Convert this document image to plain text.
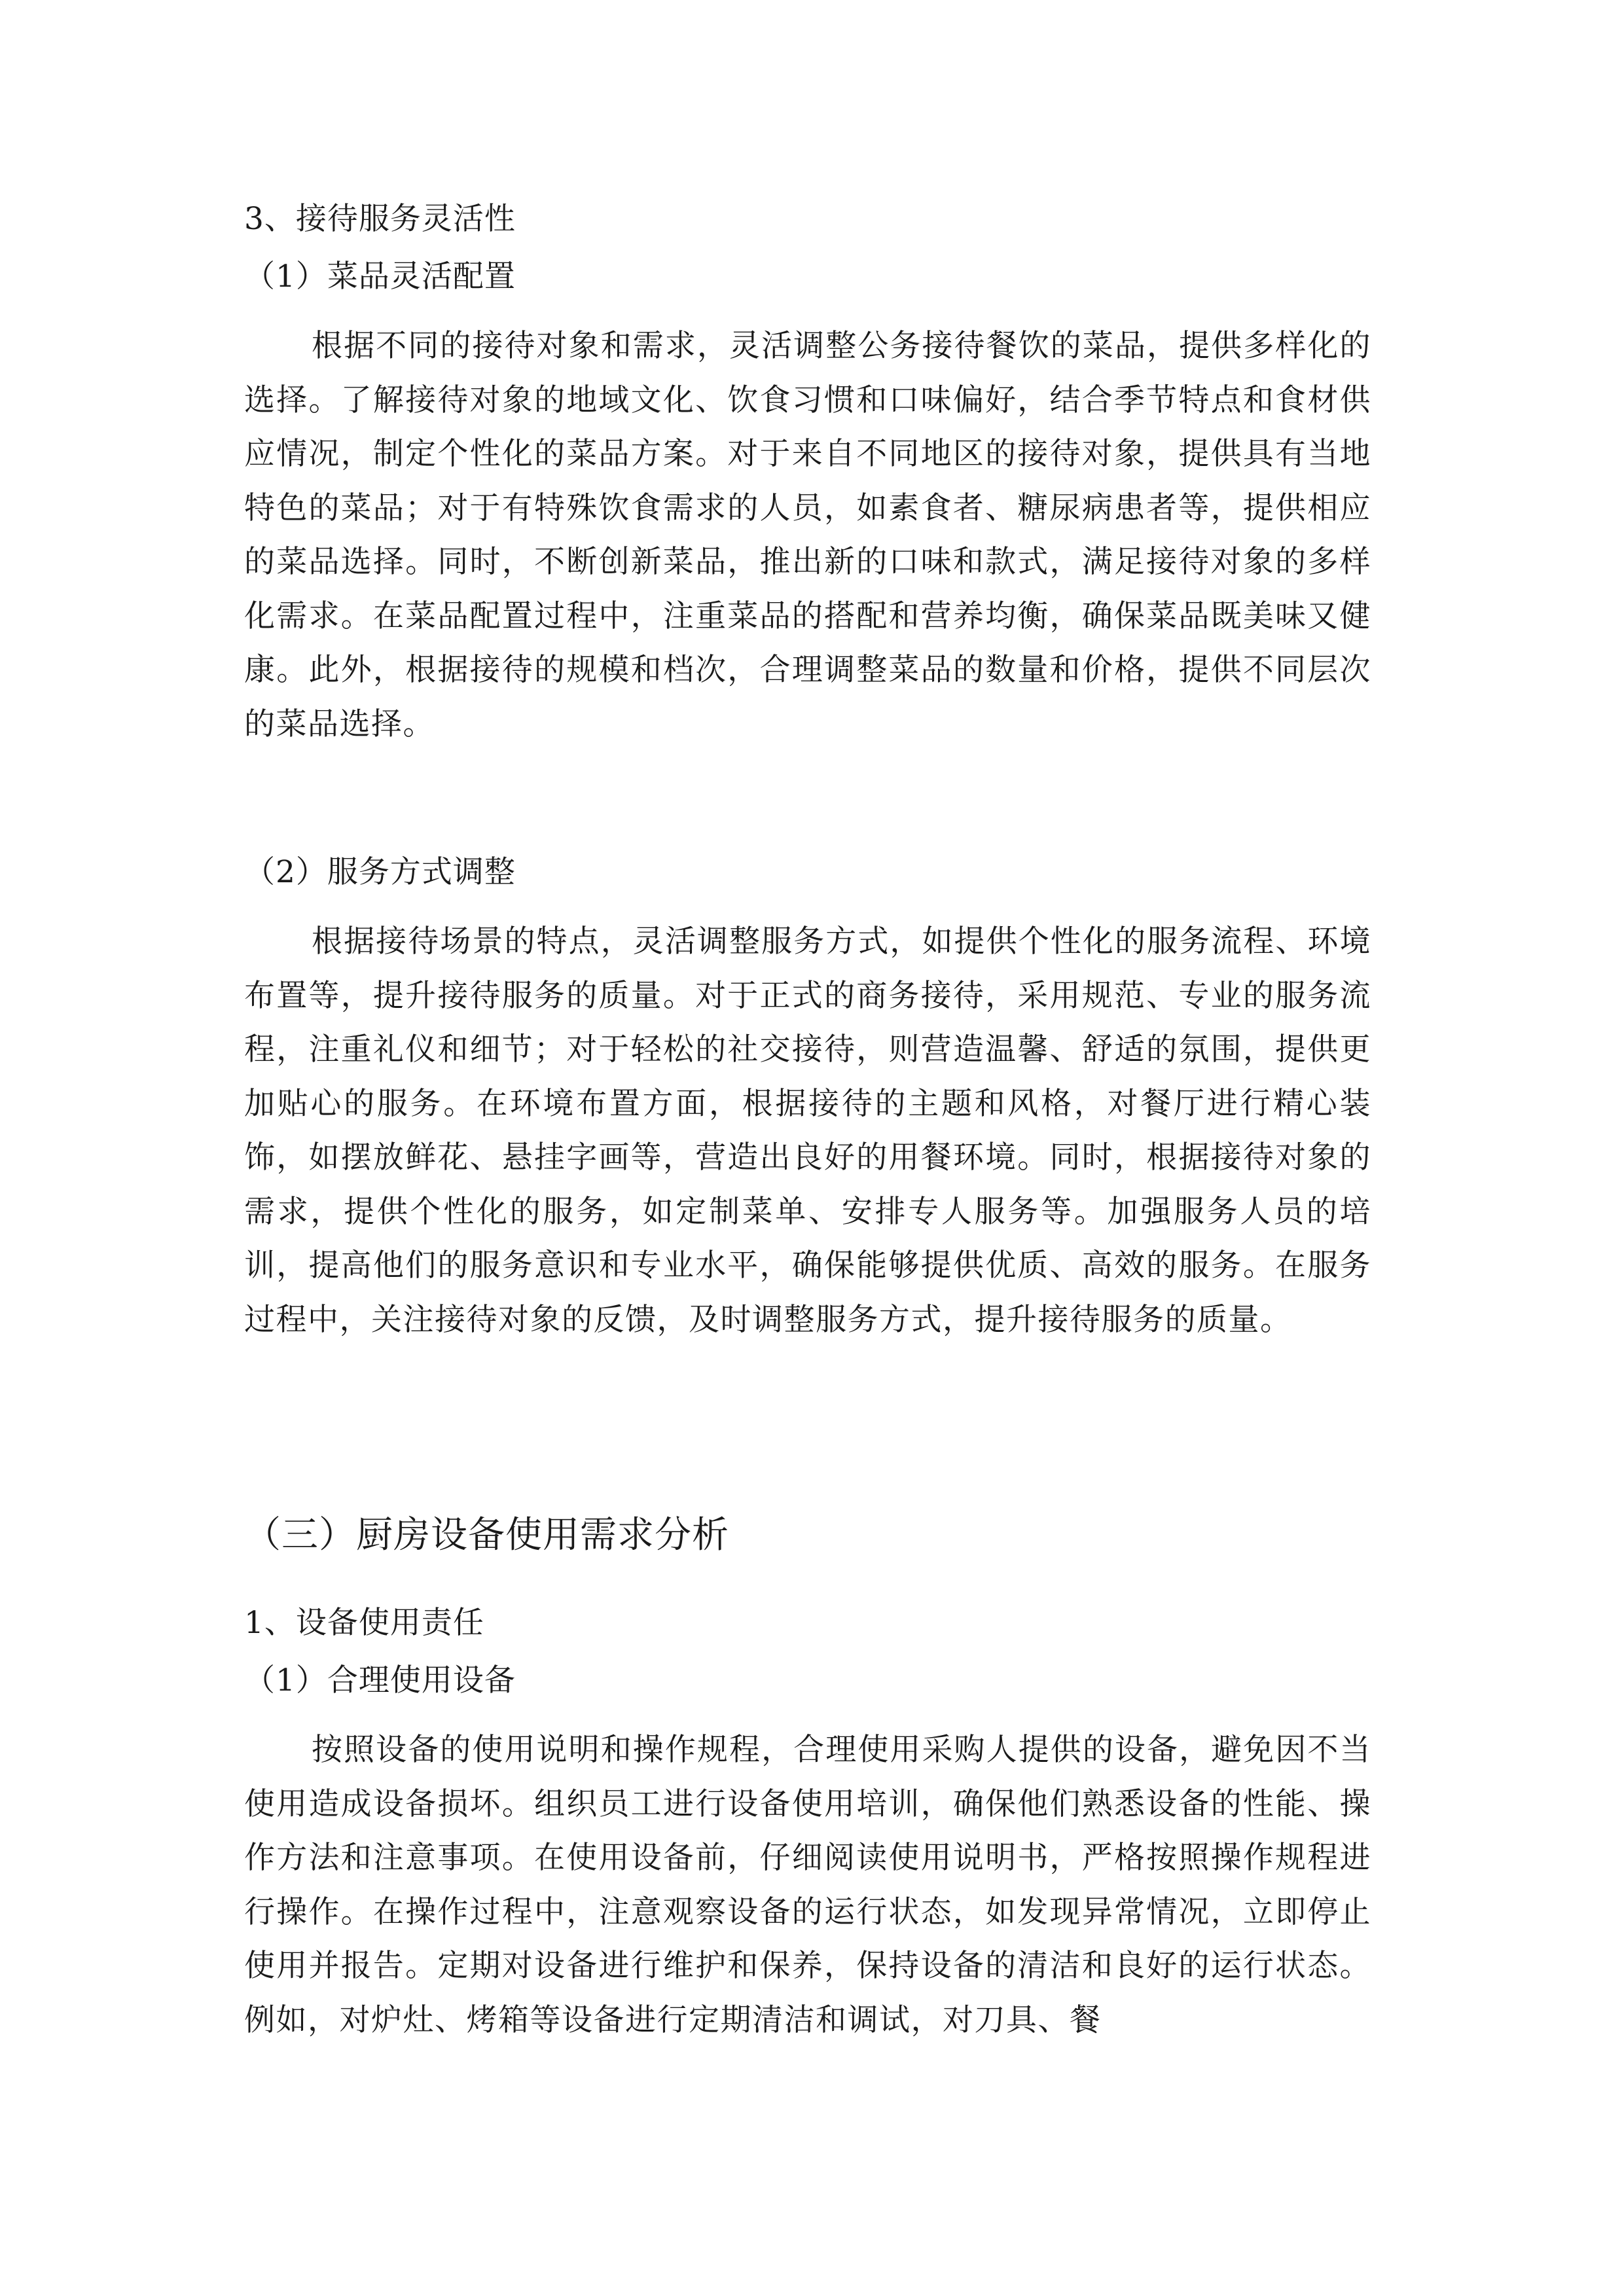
3、接待服务灵活性

（1）菜品灵活配置

根据不同的接待对象和需求，灵活调整公务接待餐饮的菜品，提供多样化的选择。了解接待对象的地域文化、饮食习惯和口味偏好，结合季节特点和食材供应情况，制定个性化的菜品方案。对于来自不同地区的接待对象，提供具有当地特色的菜品；对于有特殊饮食需求的人员，如素食者、糖尿病患者等，提供相应的菜品选择。同时，不断创新菜品，推出新的口味和款式，满足接待对象的多样化需求。在菜品配置过程中，注重菜品的搭配和营养均衡，确保菜品既美味又健康。此外，根据接待的规模和档次，合理调整菜品的数量和价格，提供不同层次的菜品选择。

（2）服务方式调整

根据接待场景的特点，灵活调整服务方式，如提供个性化的服务流程、环境布置等，提升接待服务的质量。对于正式的商务接待，采用规范、专业的服务流程，注重礼仪和细节；对于轻松的社交接待，则营造温馨、舒适的氛围，提供更加贴心的服务。在环境布置方面，根据接待的主题和风格，对餐厅进行精心装饰，如摆放鲜花、悬挂字画等，营造出良好的用餐环境。同时，根据接待对象的需求，提供个性化的服务，如定制菜单、安排专人服务等。加强服务人员的培训，提高他们的服务意识和专业水平，确保能够提供优质、高效的服务。在服务过程中，关注接待对象的反馈，及时调整服务方式，提升接待服务的质量。

（三）厨房设备使用需求分析

1、设备使用责任

（1）合理使用设备

按照设备的使用说明和操作规程，合理使用采购人提供的设备，避免因不当使用造成设备损坏。组织员工进行设备使用培训，确保他们熟悉设备的性能、操作方法和注意事项。在使用设备前，仔细阅读使用说明书，严格按照操作规程进行操作。在操作过程中，注意观察设备的运行状态，如发现异常情况，立即停止使用并报告。定期对设备进行维护和保养，保持设备的清洁和良好的运行状态。例如，对炉灶、烤箱等设备进行定期清洁和调试，对刀具、餐
